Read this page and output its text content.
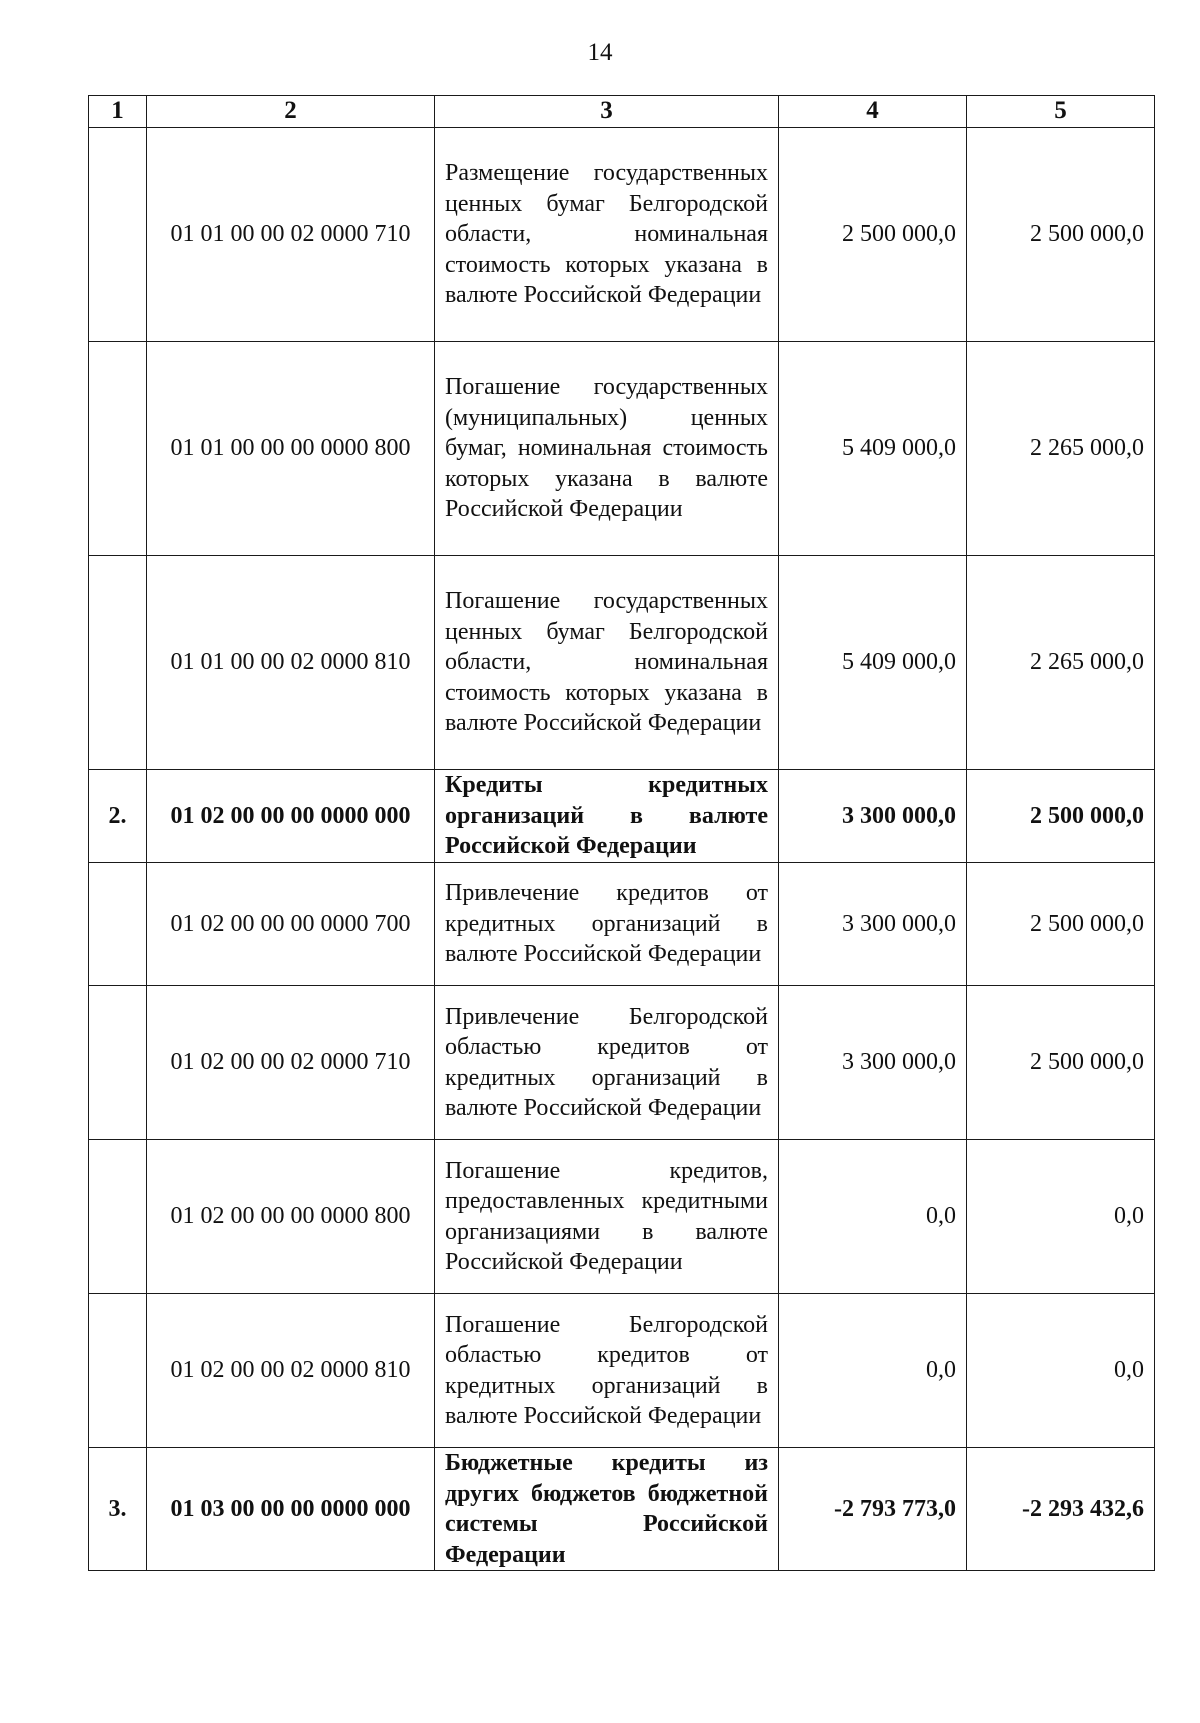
14
1	2	3	4	5
	01 01 00 00 02 0000 710	Размещение государственных ценных бумаг Белгородской области, номинальная стоимость которых указана в валюте Российской Федерации	2 500 000,0	2 500 000,0
	01 01 00 00 00 0000 800	Погашение государственных (муниципальных) ценных бумаг, номинальная стоимость которых указана в валюте Российской Федерации	5 409 000,0	2 265 000,0
	01 01 00 00 02 0000 810	Погашение государственных ценных бумаг Белгородской области, номинальная стоимость которых указана в валюте Российской Федерации	5 409 000,0	2 265 000,0
2.	01 02 00 00 00 0000 000	Кредиты кредитных организаций в валюте Российской Федерации	3 300 000,0	2 500 000,0
	01 02 00 00 00 0000 700	Привлечение кредитов от кредитных организаций в валюте Российской Федерации	3 300 000,0	2 500 000,0
	01 02 00 00 02 0000 710	Привлечение Белгородской областью кредитов от кредитных организаций в валюте Российской Федерации	3 300 000,0	2 500 000,0
	01 02 00 00 00 0000 800	Погашение кредитов, предоставленных кредитными организациями в валюте Российской Федерации	0,0	0,0
	01 02 00 00 02 0000 810	Погашение Белгородской областью кредитов от кредитных организаций в валюте Российской Федерации	0,0	0,0
3.	01 03 00 00 00 0000 000	Бюджетные кредиты из других бюджетов бюджетной системы Российской Федерации	-2 793 773,0	-2 293 432,6
